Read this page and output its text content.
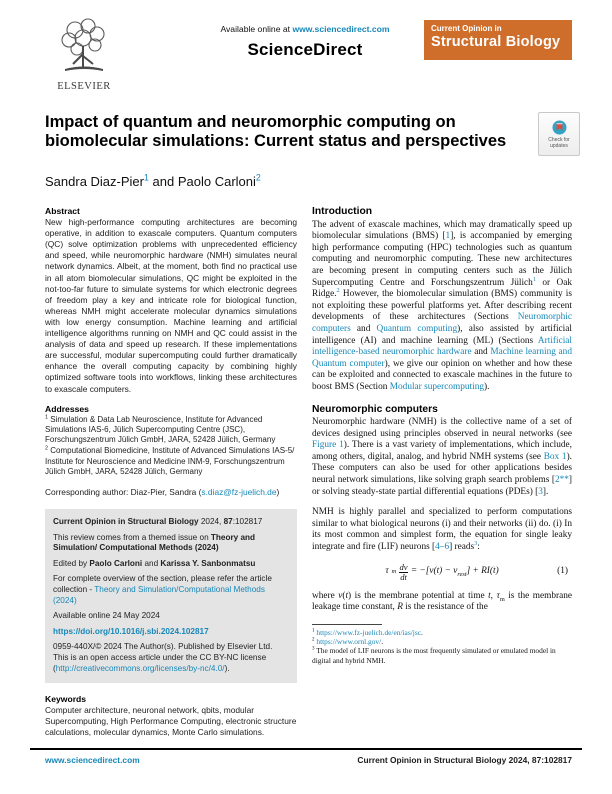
ELSEVIER
Available online at www.sciencedirect.com
ScienceDirect
Current Opinion in
Structural Biology
Impact of quantum and neuromorphic computing on biomolecular simulations: Current status and perspectives	Check for updates
Sandra Diaz-Pier$^1$ and Paolo Carloni$^2$
Abstract

New high-performance computing architectures are becoming operative, in addition to exascale computers. Quantum computers (QC) solve optimization problems with unprecedented efficiency and speed, while neuromorphic hardware (NMH) simulates neural network dynamics. Albeit, at the moment, both find no practical use in all atom biomolecular simulations, QC might be exploited in the not-too-far future to simulate systems for which electronic degrees of freedom play a key and intricate role for biological function, whereas NMH might accelerate molecular dynamics simulations with low energy consumption. Machine learning and artificial intelligence algorithms running on NMH and QC could assist in the analysis of data and speed up research. If these implementations are successful, modular supercomputing could further dramatically enhance the overall computing capacity by combining highly optimized software tools into workflows, linking these architectures to exascale computers.

Addresses

$^1$ Simulation & Data Lab Neuroscience, Institute for Advanced Simulations IAS-6, Jülich Supercomputing Centre (JSC), Forschungszentrum Jülich GmbH, JARA, 52428 Jülich, Germany

$^2$ Computational Biomedicine, Institute of Advanced Simulations IAS-5/ Institute for Neuroscience and Medicine INM-9, Forschungszentrum Jülich GmbH, JARA, 52428 Jülich, Germany

Corresponding author: Diaz-Pier, Sandra (s.diaz@fz-juelich.de)

Current Opinion in Structural Biology 2024, 87:102817

This review comes from a themed issue on Theory and Simulation/ Computational Methods (2024)

Edited by Paolo Carloni and Karissa Y. Sanbonmatsu

For complete overview of the section, please refer the article collection - Theory and Simulation/Computational Methods (2024)

Available online 24 May 2024

https://doi.org/10.1016/j.sbi.2024.102817

0959-440X/© 2024 The Author(s). Published by Elsevier Ltd. This is an open access article under the CC BY-NC license (http://creativecommons.org/licenses/by-nc/4.0/).

Keywords

Computer architecture, neuronal network, qbits, modular Supercomputing, High Performance Computing, electronic structure calculations, molecular dynamics, Monte Carlo simulations.

Introduction

The advent of exascale machines, which may dramatically speed up biomolecular simulations (BMS) [1], is accompanied by emerging high performance computing (HPC) technologies such as quantum computing and neuromorphic computing. These new architectures are becoming present in computing centers such as the Jülich Supercomputing Centre and Forschungszentrum Jülich$^1$ or Oak Ridge.$^2$ However, the biomolecular simulation (BMS) community is not exploiting these powerful platforms yet. After describing recent developments of these architectures (Sections Neuromorphic computers and Quantum computing), also assisted by artificial intelligence (AI) and machine learning (ML) (Sections Artificial intelligence-based neuromorphic hardware and Machine learning and Quantum computer), we give our opinion on whether and how these can be exploited and connected to exascale machines in the future to boost BMS (Section Modular supercomputing).

Neuromorphic computers

Neuromorphic hardware (NMH) is the collective name of a set of devices designed using principles observed in neural networks (see Figure 1). There is a vast variety of implementations, which include, among others, digital, analog, and hybrid NMH systems (see Box 1). These computers can also be used for other applications besides neural network simulations, like solving graph search problems [2**] or solving steady-state partial differential equations (PDEs) [3].

NMH is highly parallel and specialized to perform computations similar to what biological neurons (i) and their networks (ii) do. (i) In its most common and simplest form, the equation for single leaky integrate and fire (LIF) neurons [4–6] reads$^3$:

τ m $\frac{dv}{dt} = -[v(t) - v_{rest}] + RI(t)$	(1)

where v(t) is the membrane potential at time t, $\tau_m$ is the membrane leakage time constant, R is the resistance of the

$^1$ https://www.fz-juelich.de/en/ias/jsc.
$^2$ https://www.ornl.gov/.
$^3$ The model of LIF neurons is the most frequently simulated or emulated model in digital and hybrid NMH.
www.sciencedirect.com	Current Opinion in Structural Biology 2024, 87:102817
